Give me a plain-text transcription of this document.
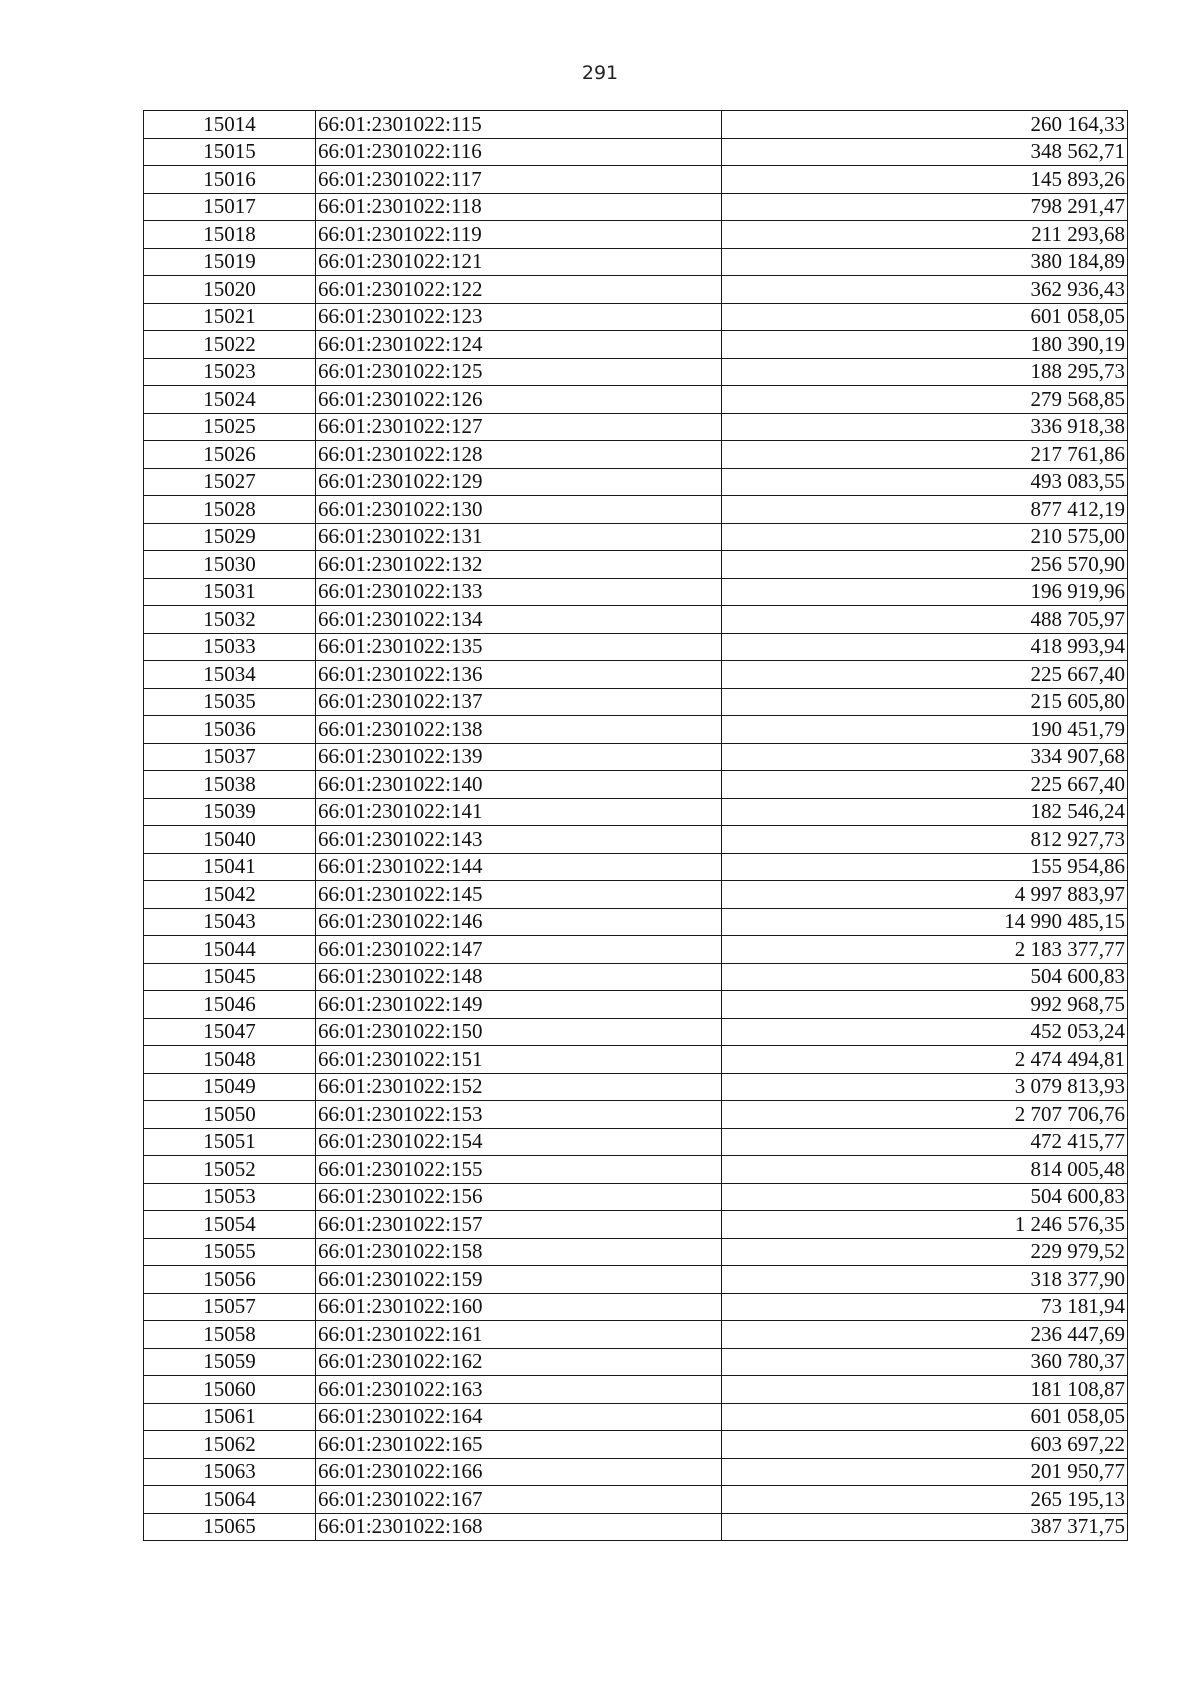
291
15014	66:01:2301022:115	260 164,33
15015	66:01:2301022:116	348 562,71
15016	66:01:2301022:117	145 893,26
15017	66:01:2301022:118	798 291,47
15018	66:01:2301022:119	211 293,68
15019	66:01:2301022:121	380 184,89
15020	66:01:2301022:122	362 936,43
15021	66:01:2301022:123	601 058,05
15022	66:01:2301022:124	180 390,19
15023	66:01:2301022:125	188 295,73
15024	66:01:2301022:126	279 568,85
15025	66:01:2301022:127	336 918,38
15026	66:01:2301022:128	217 761,86
15027	66:01:2301022:129	493 083,55
15028	66:01:2301022:130	877 412,19
15029	66:01:2301022:131	210 575,00
15030	66:01:2301022:132	256 570,90
15031	66:01:2301022:133	196 919,96
15032	66:01:2301022:134	488 705,97
15033	66:01:2301022:135	418 993,94
15034	66:01:2301022:136	225 667,40
15035	66:01:2301022:137	215 605,80
15036	66:01:2301022:138	190 451,79
15037	66:01:2301022:139	334 907,68
15038	66:01:2301022:140	225 667,40
15039	66:01:2301022:141	182 546,24
15040	66:01:2301022:143	812 927,73
15041	66:01:2301022:144	155 954,86
15042	66:01:2301022:145	4 997 883,97
15043	66:01:2301022:146	14 990 485,15
15044	66:01:2301022:147	2 183 377,77
15045	66:01:2301022:148	504 600,83
15046	66:01:2301022:149	992 968,75
15047	66:01:2301022:150	452 053,24
15048	66:01:2301022:151	2 474 494,81
15049	66:01:2301022:152	3 079 813,93
15050	66:01:2301022:153	2 707 706,76
15051	66:01:2301022:154	472 415,77
15052	66:01:2301022:155	814 005,48
15053	66:01:2301022:156	504 600,83
15054	66:01:2301022:157	1 246 576,35
15055	66:01:2301022:158	229 979,52
15056	66:01:2301022:159	318 377,90
15057	66:01:2301022:160	73 181,94
15058	66:01:2301022:161	236 447,69
15059	66:01:2301022:162	360 780,37
15060	66:01:2301022:163	181 108,87
15061	66:01:2301022:164	601 058,05
15062	66:01:2301022:165	603 697,22
15063	66:01:2301022:166	201 950,77
15064	66:01:2301022:167	265 195,13
15065	66:01:2301022:168	387 371,75
